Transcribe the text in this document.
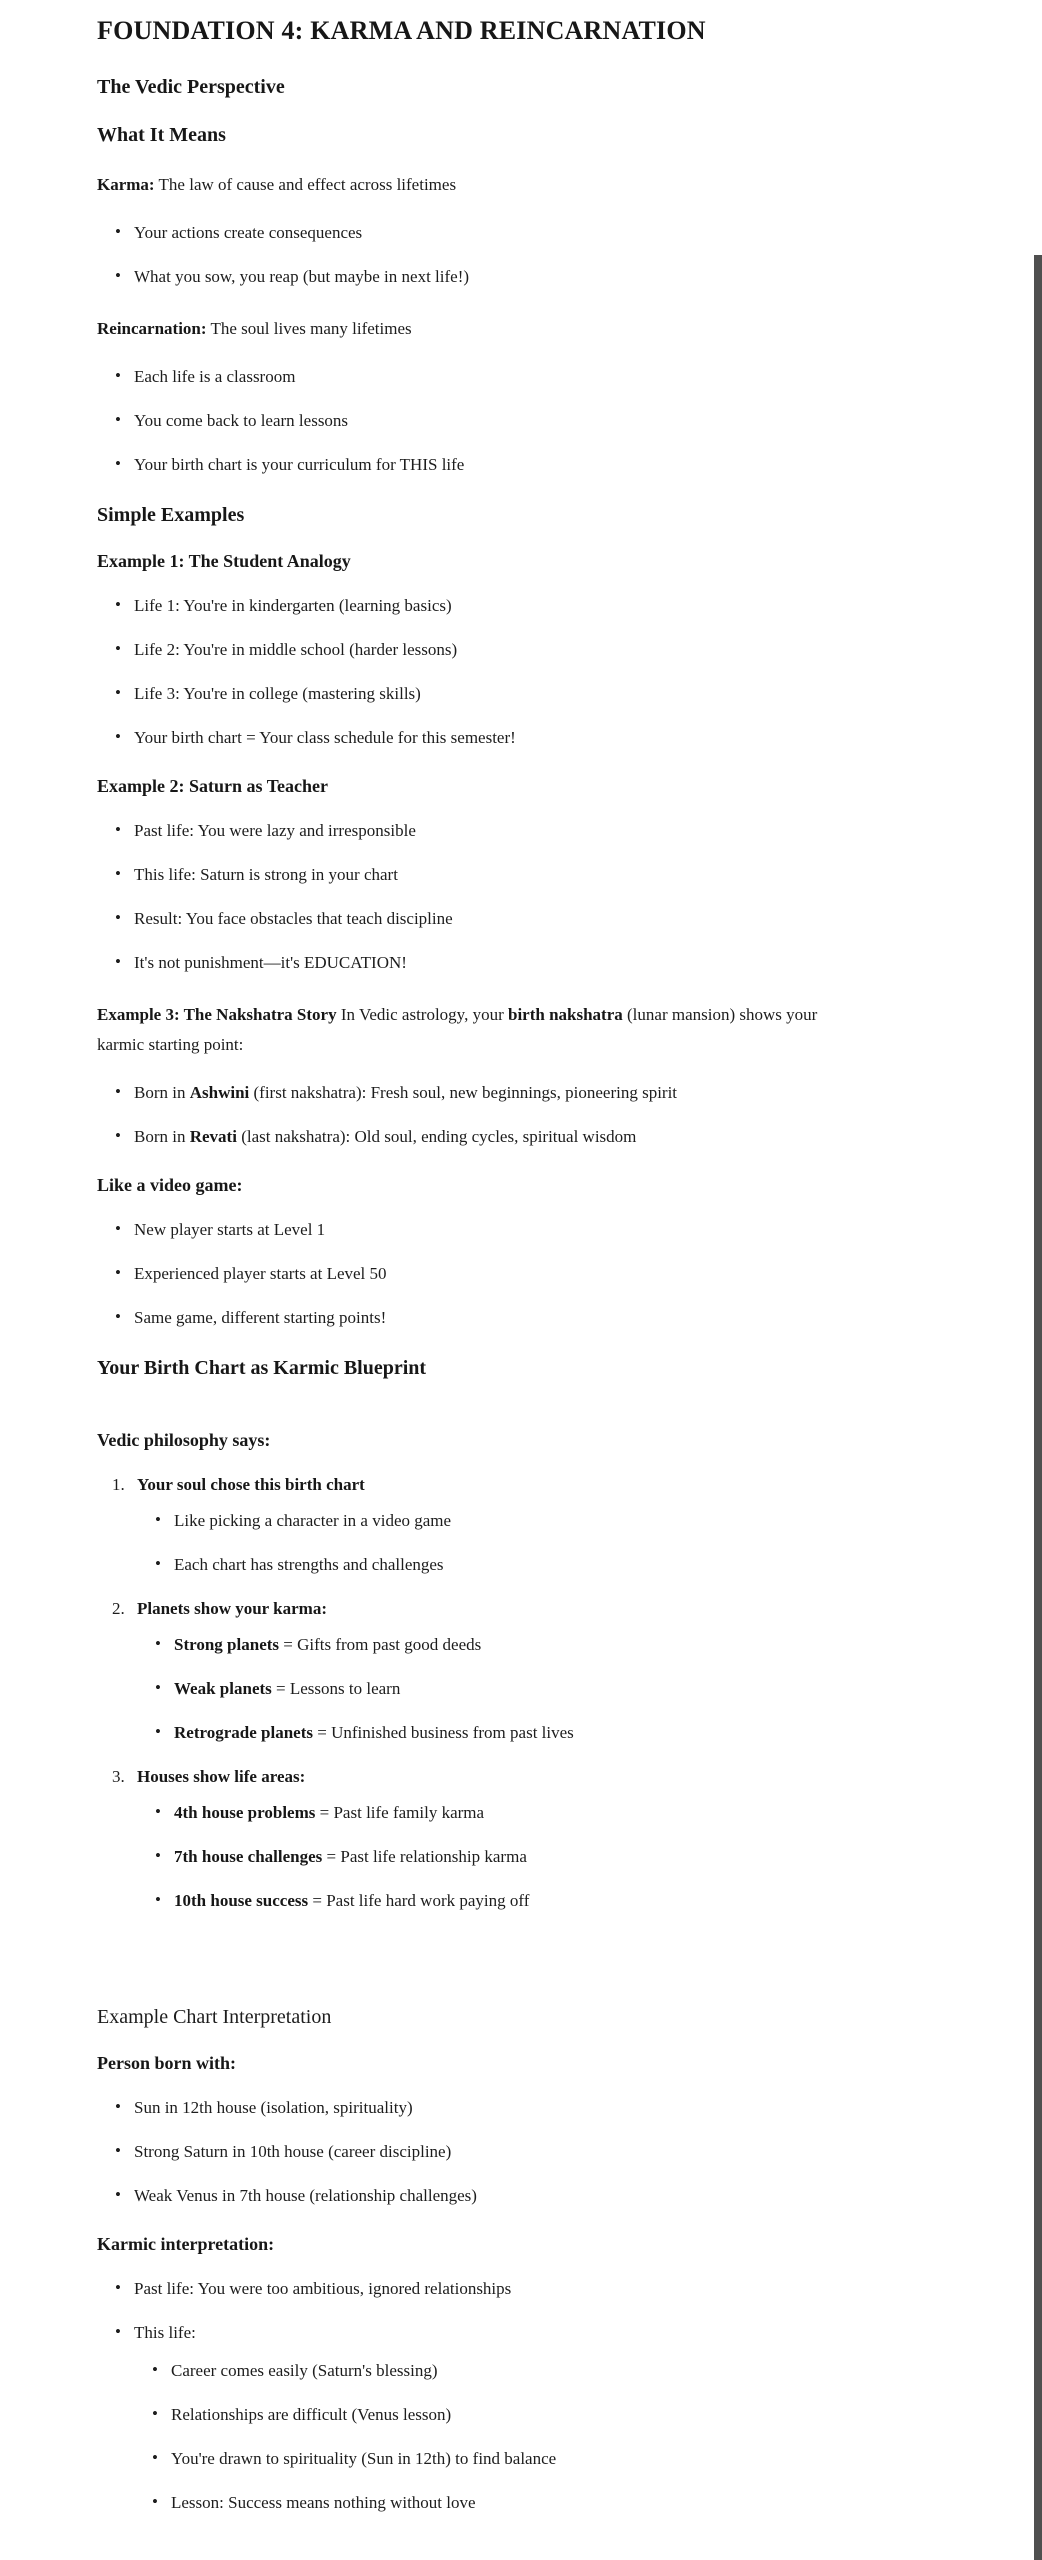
FOUNDATION 4: KARMA AND REINCARNATION
The Vedic Perspective
What It Means
Karma: The law of cause and effect across lifetimes
• Your actions create consequences
• What you sow, you reap (but maybe in next life!)
Reincarnation: The soul lives many lifetimes
• Each life is a classroom
• You come back to learn lessons
• Your birth chart is your curriculum for THIS life
Simple Examples
Example 1: The Student Analogy
• Life 1: You're in kindergarten (learning basics)
• Life 2: You're in middle school (harder lessons)
• Life 3: You're in college (mastering skills)
• Your birth chart = Your class schedule for this semester!
Example 2: Saturn as Teacher
• Past life: You were lazy and irresponsible
• This life: Saturn is strong in your chart
• Result: You face obstacles that teach discipline
• It's not punishment—it's EDUCATION!
Example 3: The Nakshatra Story In Vedic astrology, your birth nakshatra (lunar mansion) shows your karmic starting point:
• Born in Ashwini (first nakshatra): Fresh soul, new beginnings, pioneering spirit
• Born in Revati (last nakshatra): Old soul, ending cycles, spiritual wisdom
Like a video game:
• New player starts at Level 1
• Experienced player starts at Level 50
• Same game, different starting points!
Your Birth Chart as Karmic Blueprint
Vedic philosophy says:
1. Your soul chose this birth chart
• Like picking a character in a video game
• Each chart has strengths and challenges
2. Planets show your karma:
• Strong planets = Gifts from past good deeds
• Weak planets = Lessons to learn
• Retrograde planets = Unfinished business from past lives
3. Houses show life areas:
• 4th house problems = Past life family karma
• 7th house challenges = Past life relationship karma
• 10th house success = Past life hard work paying off
Example Chart Interpretation
Person born with:
• Sun in 12th house (isolation, spirituality)
• Strong Saturn in 10th house (career discipline)
• Weak Venus in 7th house (relationship challenges)
Karmic interpretation:
• Past life: You were too ambitious, ignored relationships
• This life:
• Career comes easily (Saturn's blessing)
• Relationships are difficult (Venus lesson)
• You're drawn to spirituality (Sun in 12th) to find balance
• Lesson: Success means nothing without love
